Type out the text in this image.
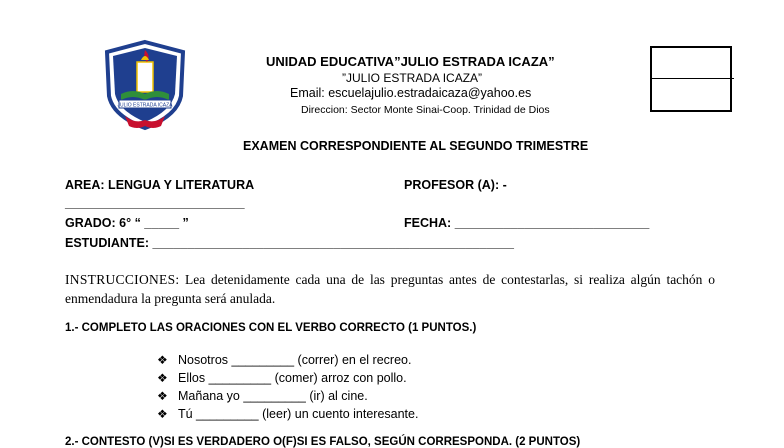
JULIO ESTRADA ICAZA
UNIDAD EDUCATIVA”JULIO ESTRADA ICAZA”
”JULIO ESTRADA ICAZA”
Email: escuelajulio.estradaicaza@yahoo.es
Direccion: Sector Monte Sinai-Coop. Trinidad de Dios
EXAMEN CORRESPONDIENTE AL SEGUNDO TRIMESTRE
AREA: LENGUA Y LITERATURA	PROFESOR (A): -
______________________________
GRADO: 6° “ _____ ”	FECHA: ____________________________
ESTUDIANTE: ____________________________________________________
INSTRUCCIONES: Lea detenidamente cada una de las preguntas antes de contestarlas, si realiza algún tachón o enmendadura la pregunta será anulada.
1.- COMPLETO LAS ORACIONES CON EL VERBO CORRECTO (1 PUNTOS.)
❖ Nosotros _________ (correr) en el recreo.
❖ Ellos _________ (comer) arroz con pollo.
❖ Mañana yo _________ (ir) al cine.
❖ Tú _________ (leer) un cuento interesante.
2.- CONTESTO (V)SI ES VERDADERO O(F)SI ES FALSO, SEGÚN CORRESPONDA. (2 PUNTOS)
